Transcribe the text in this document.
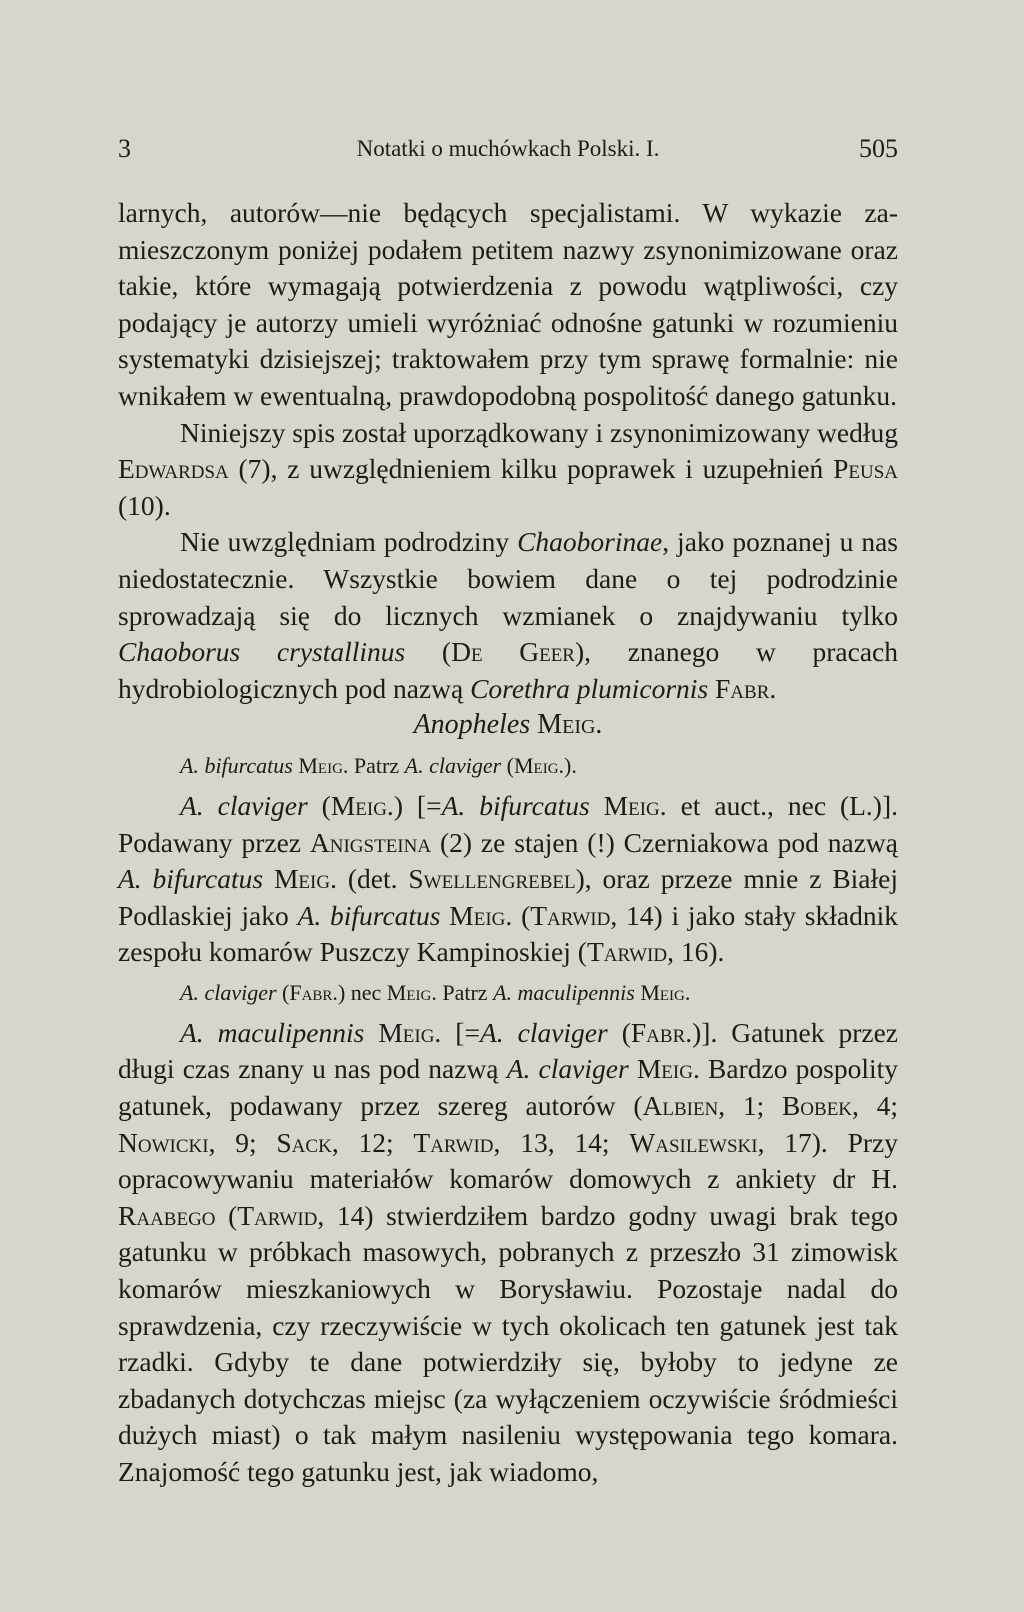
3	Notatki o muchówkach Polski. I.	505

larnych, autorów—nie będących specjalistami. W wykazie za- mieszczonym poniżej podałem petitem nazwy zsynonimizowane oraz takie, które wymagają potwierdzenia z powodu wątpliwości, czy podający je autorzy umieli wyróżniać odnośne gatunki w rozumieniu systematyki dzisiejszej; traktowałem przy tym sprawę formalnie: nie wnikałem w ewentualną, prawdopodobną pospolitość danego gatunku.

Niniejszy spis został uporządkowany i zsynonimizowany według Edwardsa (7), z uwzględnieniem kilku poprawek i uzupełnień Peusa (10).

Nie uwzględniam podrodziny Chaoborinae, jako poznanej u nas niedostatecznie. Wszystkie bowiem dane o tej podrodzinie sprowadzają się do licznych wzmianek o znajdywaniu tylko Chaoborus crystallinus (De Geer), znanego w pracach hydrobiologicznych pod nazwą Corethra plumicornis Fabr.

Anopheles Meig.

A. bifurcatus Meig. Patrz A. claviger (Meig.).

A. claviger (Meig.) [=A. bifurcatus Meig. et auct., nec (L.)]. Podawany przez Anigsteina (2) ze stajen (!) Czerniakowa pod nazwą A. bifurcatus Meig. (det. Swellengrebel), oraz przeze mnie z Białej Podlaskiej jako A. bifurcatus Meig. (Tarwid, 14) i jako stały składnik zespołu komarów Puszczy Kampinoskiej (Tarwid, 16).

A. claviger (Fabr.) nec Meig. Patrz A. maculipennis Meig.

A. maculipennis Meig. [=A. claviger (Fabr.)]. Gatunek przez długi czas znany u nas pod nazwą A. claviger Meig. Bardzo pospolity gatunek, podawany przez szereg autorów (Albien, 1; Bobek, 4; Nowicki, 9; Sack, 12; Tarwid, 13, 14; Wasilewski, 17). Przy opracowywaniu materiałów komarów domowych z ankiety dr H. Raabego (Tarwid, 14) stwierdziłem bardzo godny uwagi brak tego gatunku w próbkach masowych, pobranych z przeszło 31 zimowisk komarów mieszkaniowych w Borysławiu. Pozostaje nadal do sprawdzenia, czy rzeczywiście w tych okolicach ten gatunek jest tak rzadki. Gdyby te dane potwierdziły się, byłoby to jedyne ze zbadanych dotychczas miejsc (za wyłączeniem oczywiście śródmieści dużych miast) o tak małym nasileniu występowania tego komara. Znajomość tego gatunku jest, jak wiadomo,
